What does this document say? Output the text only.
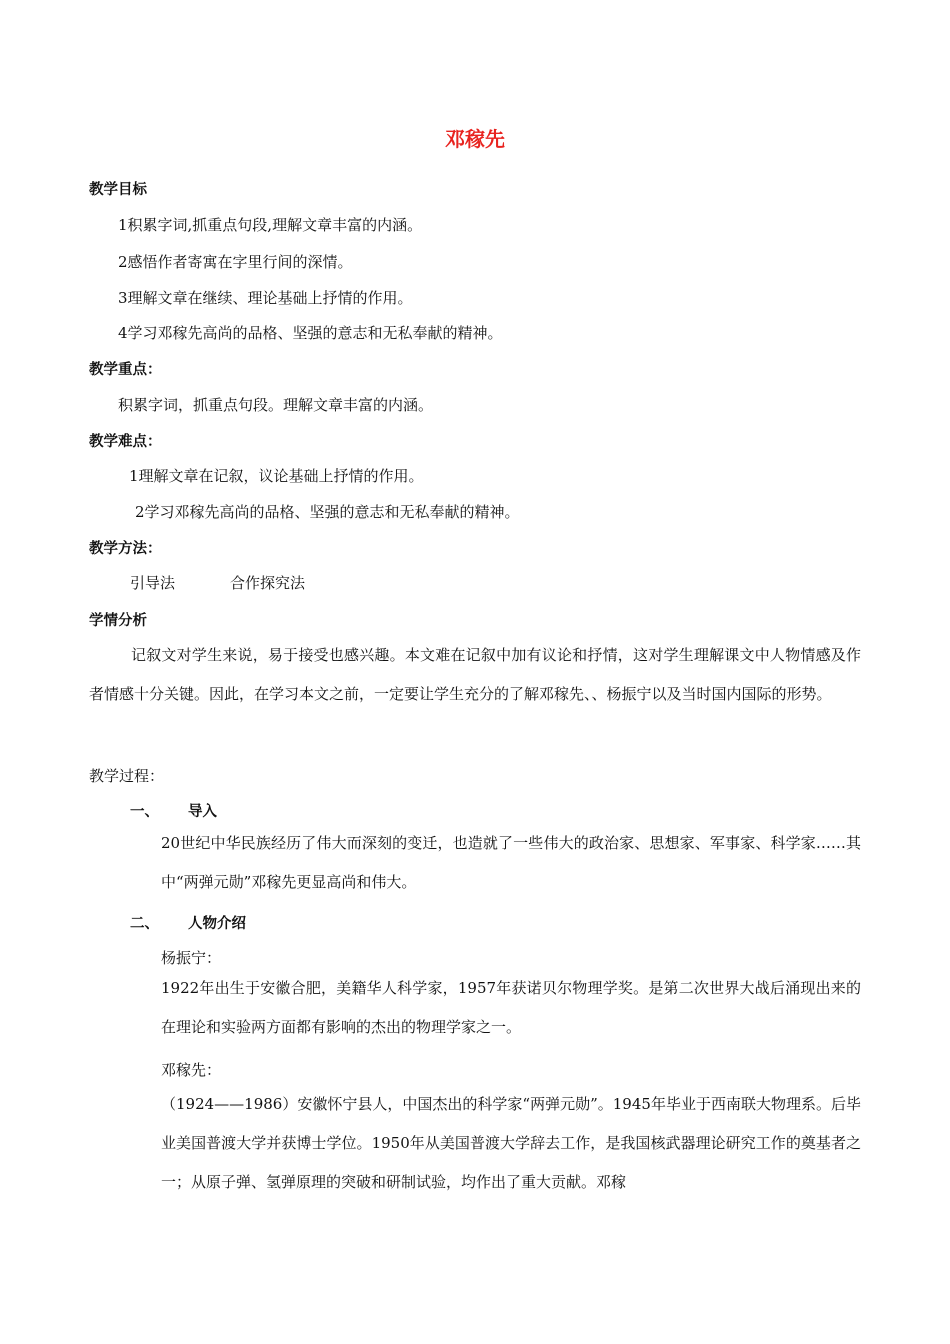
邓稼先
教学目标
1积累字词,抓重点句段,理解文章丰富的内涵。
2感悟作者寄寓在字里行间的深情。
3理解文章在继续、理论基础上抒情的作用。
4学习邓稼先高尚的品格、坚强的意志和无私奉献的精神。
教学重点：
积累字词，抓重点句段。理解文章丰富的内涵。
教学难点：
1理解文章在记叙，议论基础上抒情的作用。
2学习邓稼先高尚的品格、坚强的意志和无私奉献的精神。
教学方法：
引导法	合作探究法
学情分析
记叙文对学生来说，易于接受也感兴趣。本文难在记叙中加有议论和抒情，这对学生理解课文中人物情感及作者情感十分关键。因此，在学习本文之前，一定要让学生充分的了解邓稼先、、杨振宁以及当时国内国际的形势。
教学过程：
一、 导入
20世纪中华民族经历了伟大而深刻的变迁，也造就了一些伟大的政治家、思想家、军事家、科学家……其中“两弹元勋”邓稼先更显高尚和伟大。
二、 人物介绍
杨振宁：
1922年出生于安徽合肥，美籍华人科学家，1957年获诺贝尔物理学奖。是第二次世界大战后涌现出来的在理论和实验两方面都有影响的杰出的物理学家之一。
邓稼先：
（1924——1986）安徽怀宁县人，中国杰出的科学家“两弹元勋”。1945年毕业于西南联大物理系。后毕业美国普渡大学并获博士学位。1950年从美国普渡大学辞去工作，是我国核武器理论研究工作的奠基者之一；从原子弹、氢弹原理的突破和研制试验，均作出了重大贡献。邓稼
